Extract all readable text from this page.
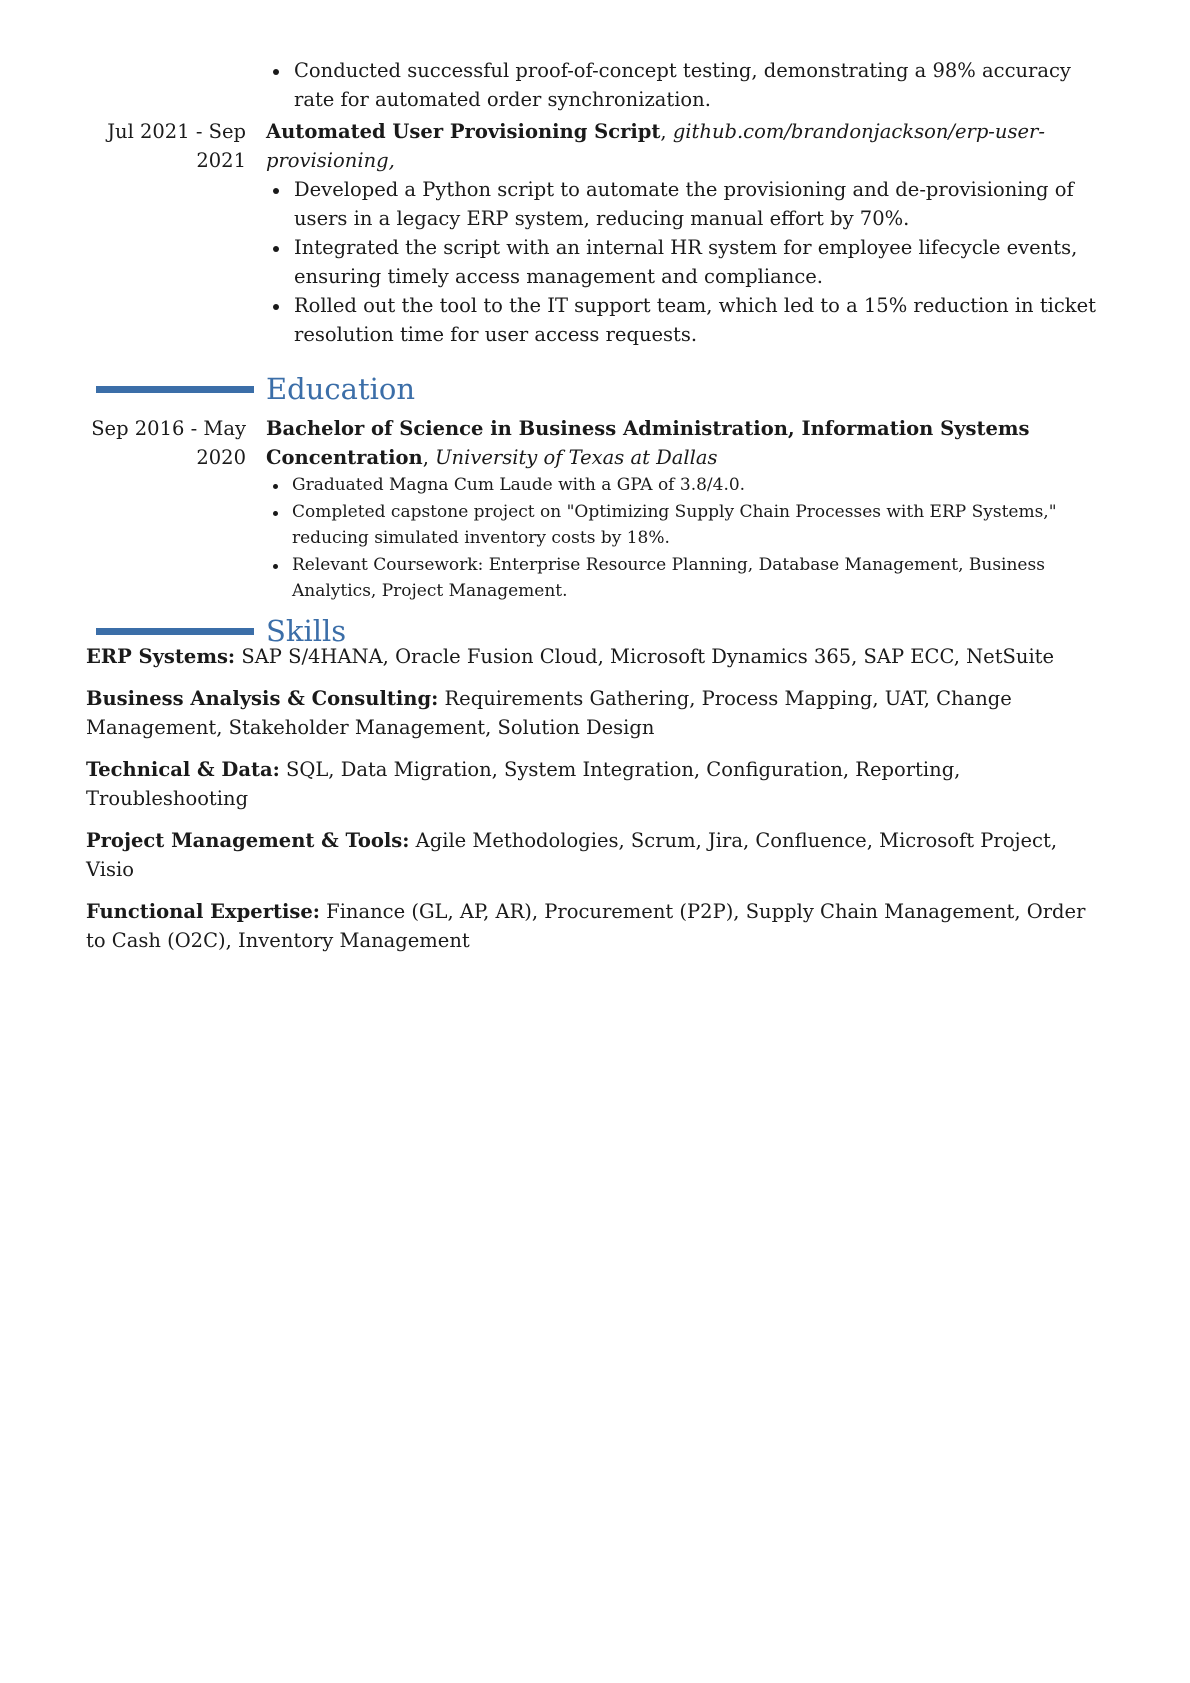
Conducted successful proof-of-concept testing, demonstrating a 98% accuracy rate for automated order synchronization.
Jul 2021 - Sep 2021

Automated User Provisioning Script, github.com/brandonjackson/erp-user-provisioning,

Developed a Python script to automate the provisioning and de-provisioning of users in a legacy ERP system, reducing manual effort by 70%.
Integrated the script with an internal HR system for employee lifecycle events, ensuring timely access management and compliance.
Rolled out the tool to the IT support team, which led to a 15% reduction in ticket resolution time for user access requests.
Education
Sep 2016 - May 2020

Bachelor of Science in Business Administration, Information Systems Concentration, University of Texas at Dallas

Graduated Magna Cum Laude with a GPA of 3.8/4.0.
Completed capstone project on "Optimizing Supply Chain Processes with ERP Systems," reducing simulated inventory costs by 18%.
Relevant Coursework: Enterprise Resource Planning, Database Management, Business Analytics, Project Management.
Skills

ERP Systems: SAP S/4HANA, Oracle Fusion Cloud, Microsoft Dynamics 365, SAP ECC, NetSuite

Business Analysis & Consulting: Requirements Gathering, Process Mapping, UAT, Change Management, Stakeholder Management, Solution Design

Technical & Data: SQL, Data Migration, System Integration, Configuration, Reporting, Troubleshooting

Project Management & Tools: Agile Methodologies, Scrum, Jira, Confluence, Microsoft Project, Visio

Functional Expertise: Finance (GL, AP, AR), Procurement (P2P), Supply Chain Management, Order to Cash (O2C), Inventory Management
